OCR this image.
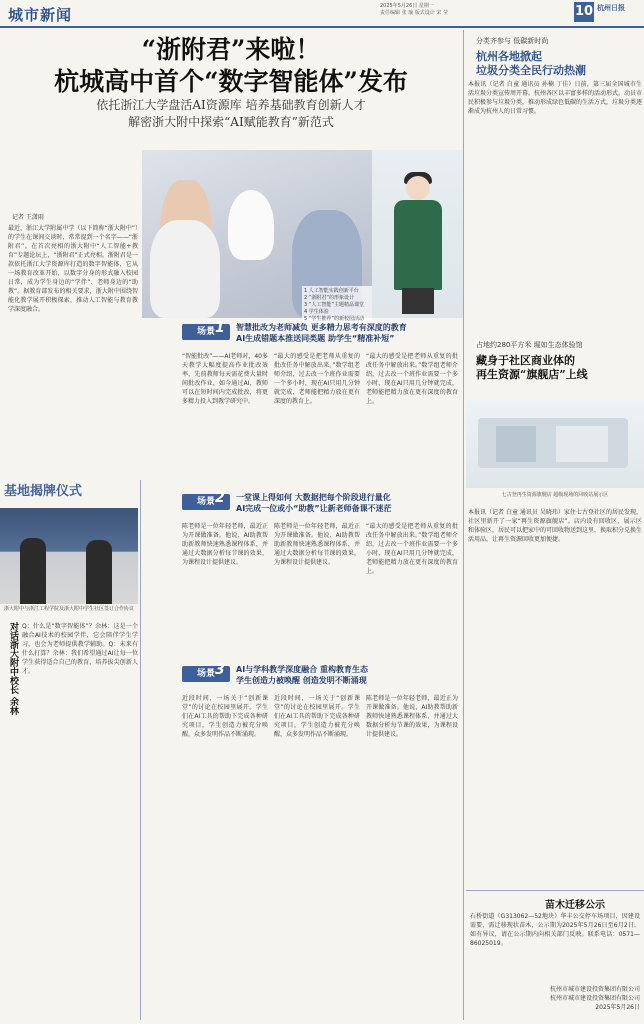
城市新闻	2025年5月26日 星期一
责任编辑 张 瑜 版式设计 宋 莹	10 杭州日报
“浙附君”来啦！
杭城高中首个“数字智能体”发布
依托浙江大学盘活AI资源库 培养基础教育创新人才
解密浙大附中探索“AI赋能教育”新范式
记者 王潇雨
最近，浙江大学附属中学（以下简称“浙大附中”）的学生在课间交谈时，常常提到一个名字——“浙附君”。在首次亮相的浙大附中“人工智能+教育”专题论坛上，“浙附君”正式亮相。浙附君是一款依托浙江大学资源库打造的数字智能体，它从一场教育改革开始，以数字分身的形式融入校园日常，成为学生身边的“学伴”、老师身边的“助教”。据教育部发布的相关要求，浙大附中围绕智能化教学展开积极探索，推动人工智能与教育教学深度融合。
1 人工智能实践创新平台
2 “浙附君”的形象设计
3 “人工智能”主题精品课堂
4 学生体验
5 “学生推荐”的新校园活动
场景 1 智慧批改为老师减负 更多精力思考有深度的教育
AI生成错题本推送同类题 助学生“精准补短”
“智能批改”——AI老师对，40多天教学大幅度提高作业批改效率，先前教师每天需花费大量时间批改作业，如今通过AI，教师可以在短时间内完成批改，将更多精力投入到教学研究中。
“最大的感受是把老师从重复的批改任务中解放出来。”数学组老师介绍，过去改一个班作业需要一个多小时，现在AI只用几分钟就完成，老师能把精力放在更有深度的教育上。
“最大的感受是把老师从重复的批改任务中解放出来。”数学组老师介绍，过去改一个班作业需要一个多小时，现在AI只用几分钟就完成，老师能把精力放在更有深度的教育上。
基地揭牌仪式
浙大附中与浙江工程学院及浙大附中学生社区签订合作协议
对话浙大附中校长 余林 Q：什么是“数字智能体”？余林：这是一个融合AI技术的校园学伴，它会陪伴学生学习，也会为老师提供教学辅助。Q：未来有什么打算？余林：我们希望通过AI让每一位学生获得适合自己的教育，培养拔尖创新人才。
场景 2 一堂课上得如何 大数据把每个阶段进行量化
AI完成一位或小“助教”让新老师备课不迷茫
陈老师是一位年轻老师，最近正为开课做准备。他说，AI助教帮助新教师快速熟悉课程体系，并通过大数据分析每节课的效果，为课程设计提供建议。
陈老师是一位年轻老师，最近正为开课做准备。他说，AI助教帮助新教师快速熟悉课程体系，并通过大数据分析每节课的效果，为课程设计提供建议。
“最大的感受是把老师从重复的批改任务中解放出来。”数学组老师介绍，过去改一个班作业需要一个多小时，现在AI只用几分钟就完成，老师能把精力放在更有深度的教育上。
场景 3 AI与学科教学深度融合 重构教育生态
学生创造力被唤醒 创造发明不断涌现
近段时间，一场关于“创新课堂”的讨论在校园里展开。学生们在AI工具的帮助下完成各种研究项目，学生创造力被充分唤醒，众多发明作品不断涌现。
近段时间，一场关于“创新课堂”的讨论在校园里展开。学生们在AI工具的帮助下完成各种研究项目，学生创造力被充分唤醒，众多发明作品不断涌现。
陈老师是一位年轻老师，最近正为开课做准备。他说，AI助教帮助新教师快速熟悉课程体系，并通过大数据分析每节课的效果，为课程设计提供建议。
分类齐参与 低碳新时尚
杭州各地掀起
垃圾分类全民行动热潮
本报讯（记者 白童 通讯员 孙楠 丁佳）日前，第三届全国城市生活垃圾分类宣传周开幕。杭州各区以丰富多样的活动形式，动员市民积极参与垃圾分类，推动形成绿色低碳的生活方式，垃圾分类逐渐成为杭州人的日常习惯。
占地约280平方米 堀如生态体验馆
藏身于社区商业体的
再生资源“旗舰店”上线
七古登再生资源旗舰店 超级现场的回收站展示区
本报讯（记者 白童 通讯员 吴晓玮）家住七古登社区的居民发现，社区里新开了一家“再生资源旗舰店”。店内设有回收区、展示区和体验区，居民可以把家中的可回收物送到这里，换取积分兑换生活用品，让再生资源回收更加便捷。
苗木迁移公示
石桥街道（G313062—52地块）华丰公交停车场项目，因建设需要，需迁移现状苗木，公示期为2025年5月26日至6月2日。如有异议，请在公示期内向相关部门反映。联系电话：0571—86025019。
杭州市城市建设投资集团有限公司
杭州市城市建设投资集团有限公司
2025年5月26日
